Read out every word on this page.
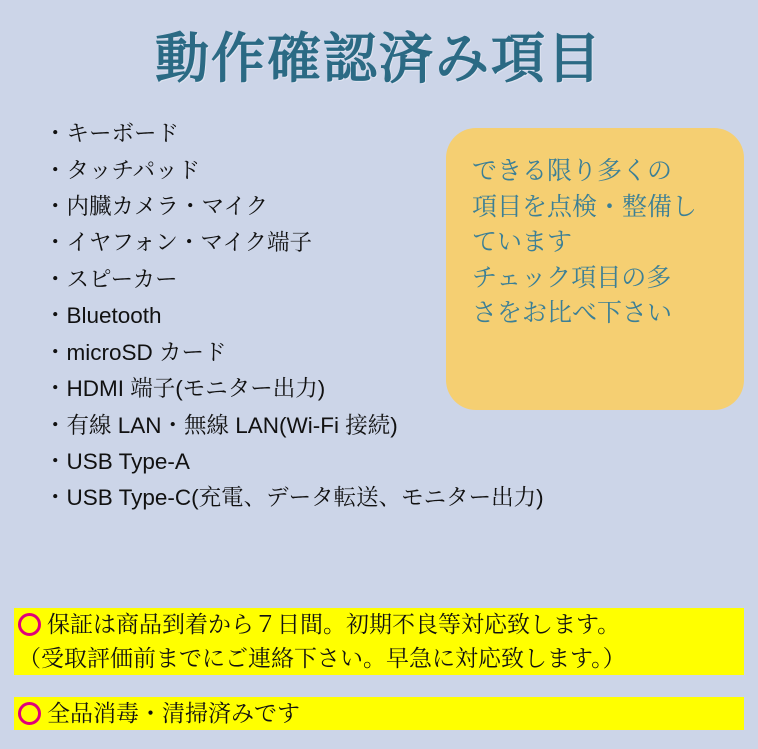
動作確認済み項目
・キーボード
・タッチパッド
・内臓カメラ・マイク
・イヤフォン・マイク端子
・スピーカー
・Bluetooth
・microSD カード
・HDMI 端子(モニター出力)
・有線 LAN・無線 LAN(Wi-Fi 接続)
・USB Type-A
・USB Type-C(充電、データ転送、モニター出力)
できる限り多くの
項目を点検・整備し
ています
チェック項目の多
さをお比べ下さい
保証は商品到着から７日間。初期不良等対応致します。
（受取評価前までにご連絡下さい。早急に対応致します。）
全品消毒・清掃済みです
